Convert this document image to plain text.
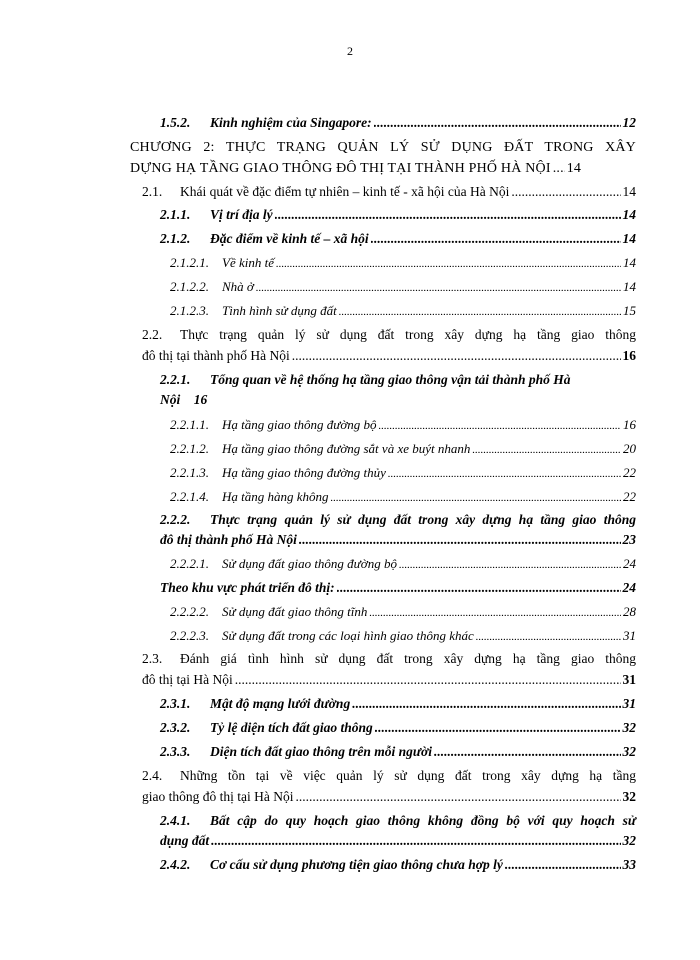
2
1.5.2. Kinh nghiệm của Singapore: .....	12
CHƯƠNG 2: THỰC TRẠNG QUẢN LÝ SỬ DỤNG ĐẤT TRONG XÂY
DỰNG HẠ TẦNG GIAO THÔNG ĐÔ THỊ TẠI THÀNH PHỐ HÀ NỘI ..... 14
2.1. Khái quát về đặc điểm tự nhiên – kinh tế - xã hội của Hà Nội .....	14
2.1.1. Vị trí địa lý .....	14
2.1.2. Đặc điểm về kinh tế – xã hội .....	14
2.1.2.1. Về kinh tế .....	14
2.1.2.2. Nhà ở .....	14
2.1.2.3. Tình hình sử dụng đất .....	15
2.2. Thực trạng quản lý sử dụng đất trong xây dựng hạ tầng giao thông
đô thị tại thành phố Hà Nội .....	16
2.2.1. Tổng quan về hệ thống hạ tầng giao thông vận tải thành phố Hà
Nội 16
2.2.1.1. Hạ tầng giao thông đường bộ .....	16
2.2.1.2. Hạ tầng giao thông đường sắt và xe buýt nhanh .....	20
2.2.1.3. Hạ tầng giao thông đường thủy .....	22
2.2.1.4. Hạ tầng hàng không .....	22
2.2.2. Thực trạng quản lý sử dụng đất trong xây dựng hạ tầng giao thông
đô thị thành phố Hà Nội .....	23
2.2.2.1. Sử dụng đất giao thông đường bộ .....	24
Theo khu vực phát triển đô thị: .....	24
2.2.2.2. Sử dụng đất giao thông tĩnh .....	28
2.2.2.3. Sử dụng đất trong các loại hình giao thông khác .....	31
2.3. Đánh giá tình hình sử dụng đất trong xây dựng hạ tầng giao thông
đô thị tại Hà Nội .....	31
2.3.1. Mật độ mạng lưới đường .....	31
2.3.2. Tỷ lệ diện tích đất giao thông .....	32
2.3.3. Diện tích đất giao thông trên mỗi người .....	32
2.4. Những tồn tại về việc quản lý sử dụng đất trong xây dựng hạ tầng
giao thông đô thị tại Hà Nội .....	32
2.4.1. Bất cập do quy hoạch giao thông không đồng bộ với quy hoạch sử
dụng đất .....	32
2.4.2. Cơ cấu sử dụng phương tiện giao thông chưa hợp lý .....	33
